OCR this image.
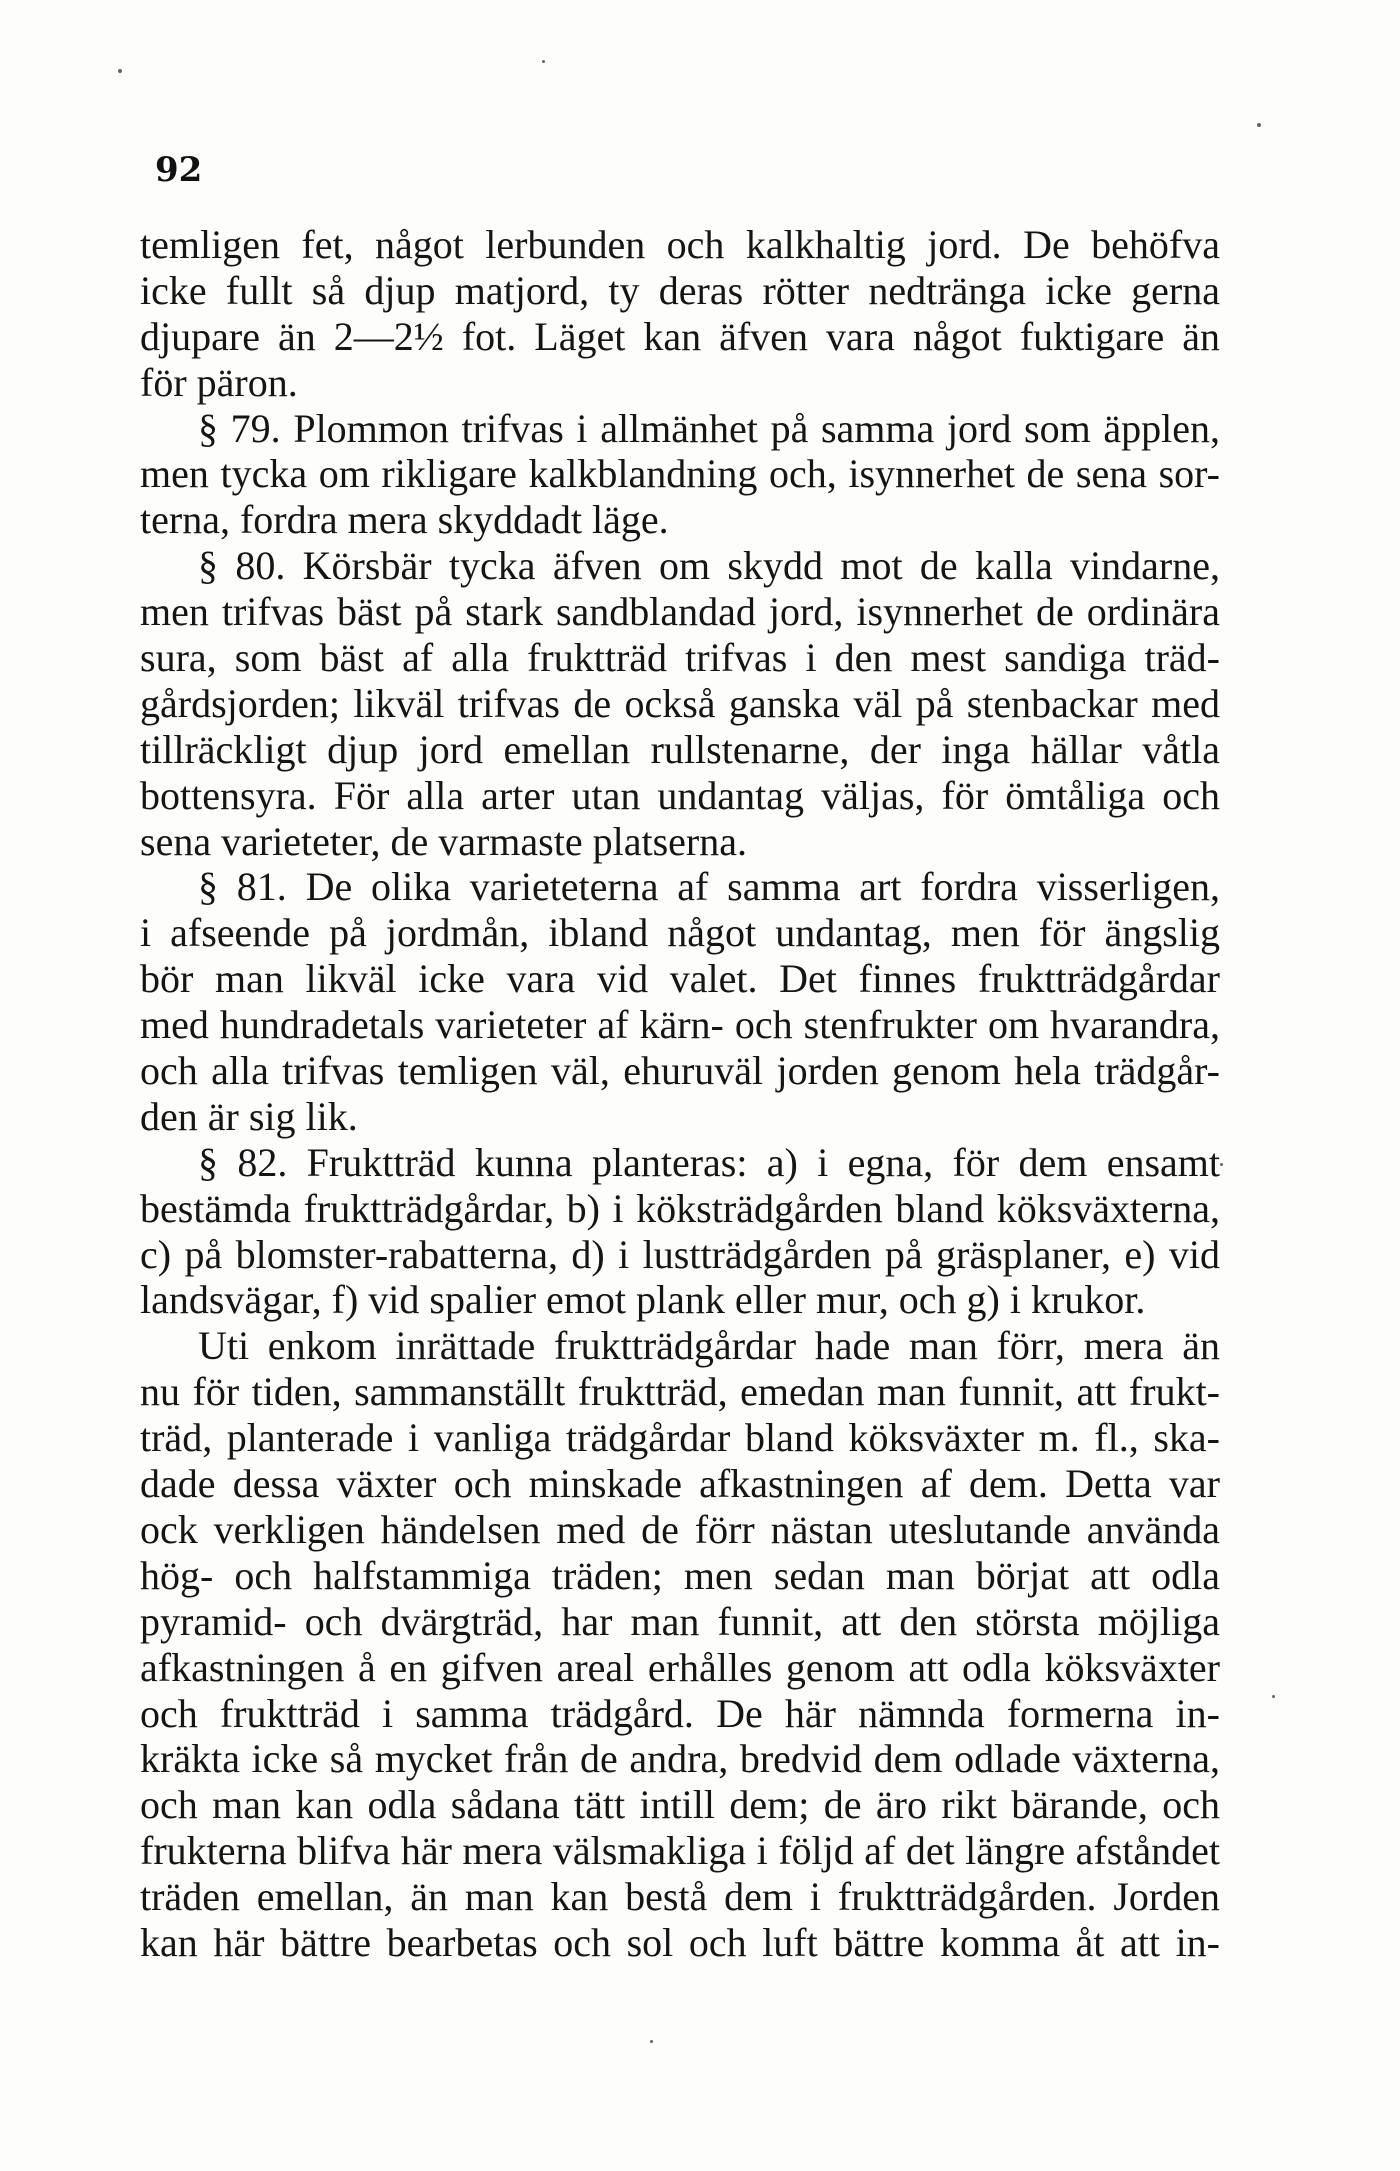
92
temligen fet, något lerbunden och kalkhaltig jord. De behöfva
icke fullt så djup matjord, ty deras rötter nedtränga icke gerna
djupare än 2—2½ fot. Läget kan äfven vara något fuktigare än
för päron.
§ 79. Plommon trifvas i allmänhet på samma jord som äpplen,
men tycka om rikligare kalkblandning och, isynnerhet de sena sor-
terna, fordra mera skyddadt läge.
§ 80. Körsbär tycka äfven om skydd mot de kalla vindarne,
men trifvas bäst på stark sandblandad jord, isynnerhet de ordinära
sura, som bäst af alla fruktträd trifvas i den mest sandiga träd-
gårdsjorden; likväl trifvas de också ganska väl på stenbackar med
tillräckligt djup jord emellan rullstenarne, der inga hällar våtla
bottensyra. För alla arter utan undantag väljas, för ömtåliga och
sena varieteter, de varmaste platserna.
§ 81. De olika varieteterna af samma art fordra visserligen,
i afseende på jordmån, ibland något undantag, men för ängslig
bör man likväl icke vara vid valet. Det finnes fruktträdgårdar
med hundradetals varieteter af kärn- och stenfrukter om hvarandra,
och alla trifvas temligen väl, ehuruväl jorden genom hela trädgår-
den är sig lik.
§ 82. Fruktträd kunna planteras: a) i egna, för dem ensamt
bestämda fruktträdgårdar, b) i köksträdgården bland köksväxterna,
c) på blomster-rabatterna, d) i lustträdgården på gräsplaner, e) vid
landsvägar, f) vid spalier emot plank eller mur, och g) i krukor.
Uti enkom inrättade fruktträdgårdar hade man förr, mera än
nu för tiden, sammanställt fruktträd, emedan man funnit, att frukt-
träd, planterade i vanliga trädgårdar bland köksväxter m. fl., ska-
dade dessa växter och minskade afkastningen af dem. Detta var
ock verkligen händelsen med de förr nästan uteslutande använda
hög- och halfstammiga träden; men sedan man börjat att odla
pyramid- och dvärgträd, har man funnit, att den största möjliga
afkastningen å en gifven areal erhålles genom att odla köksväxter
och fruktträd i samma trädgård. De här nämnda formerna in-
kräkta icke så mycket från de andra, bredvid dem odlade växterna,
och man kan odla sådana tätt intill dem; de äro rikt bärande, och
frukterna blifva här mera välsmakliga i följd af det längre afståndet
träden emellan, än man kan bestå dem i fruktträdgården. Jorden
kan här bättre bearbetas och sol och luft bättre komma åt att in-
